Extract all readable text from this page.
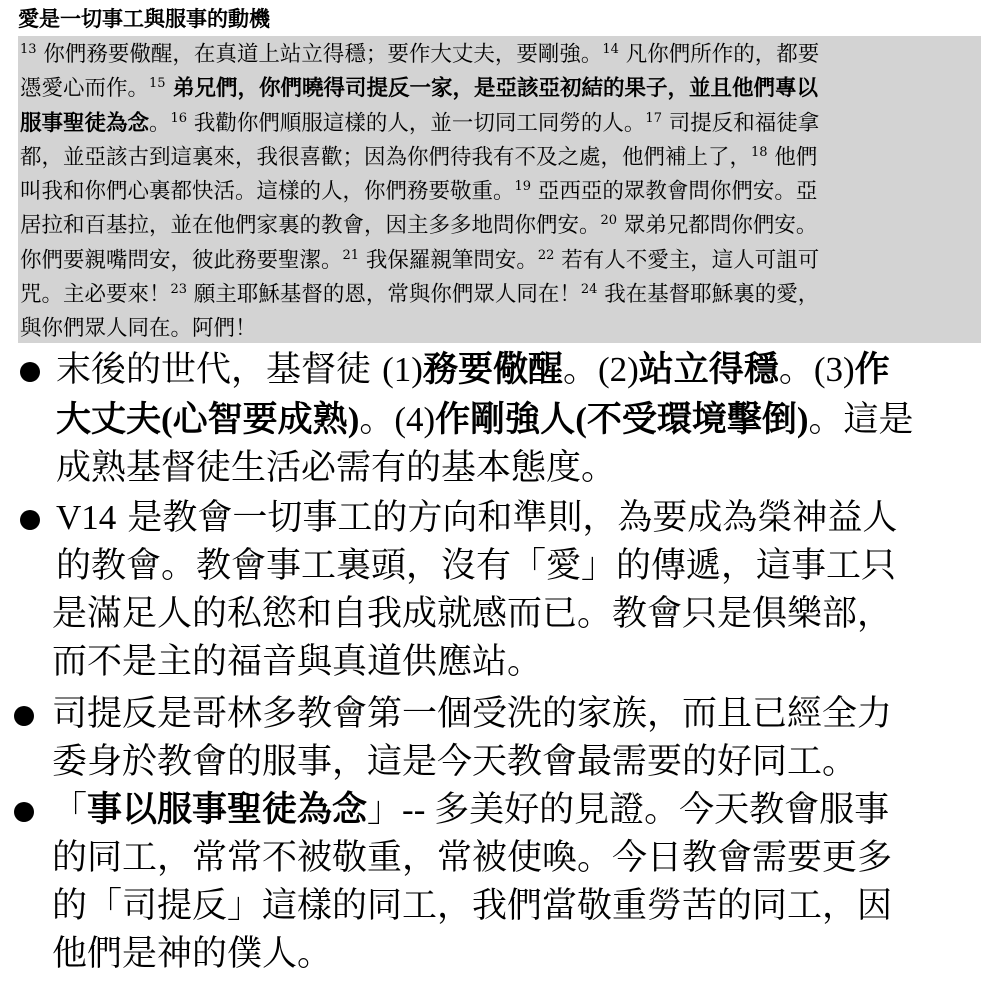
愛是一切事工與服事的動機
$^{13}$ 你們務要儆醒，在真道上站立得穩；要作大丈夫，要剛強。$^{14}$ 凡你們所作的，都要
憑愛心而作。$^{15}$ 弟兄們，你們曉得司提反一家，是亞該亞初結的果子，並且他們專以
服事聖徒為念。$^{16}$ 我勸你們順服這樣的人，並一切同工同勞的人。$^{17}$ 司提反和福徒拿
都，並亞該古到這裏來，我很喜歡；因為你們待我有不及之處，他們補上了，$^{18}$ 他們
叫我和你們心裏都快活。這樣的人，你們務要敬重。$^{19}$ 亞西亞的眾教會問你們安。亞
居拉和百基拉，並在他們家裏的教會，因主多多地問你們安。$^{20}$ 眾弟兄都問你們安。
你們要親嘴問安，彼此務要聖潔。$^{21}$ 我保羅親筆問安。$^{22}$ 若有人不愛主，這人可詛可
咒。主必要來！$^{23}$ 願主耶穌基督的恩，常與你們眾人同在！$^{24}$ 我在基督耶穌裏的愛，
與你們眾人同在。阿們！
末後的世代，基督徒 (1)務要儆醒。(2)站立得穩。(3)作
大丈夫(心智要成熟)。(4)作剛強人(不受環境擊倒)。這是
成熟基督徒生活必需有的基本態度。
V14 是教會一切事工的方向和準則，為要成為榮神益人
的教會。教會事工裏頭，沒有「愛」的傳遞，這事工只
是滿足人的私慾和自我成就感而已。教會只是俱樂部，
而不是主的福音與真道供應站。
司提反是哥林多教會第一個受洗的家族，而且已經全力
委身於教會的服事，這是今天教會最需要的好同工。
「事以服事聖徒為念」-- 多美好的見證。今天教會服事
的同工，常常不被敬重，常被使喚。今日教會需要更多
的「司提反」這樣的同工，我們當敬重勞苦的同工，因
他們是神的僕人。
